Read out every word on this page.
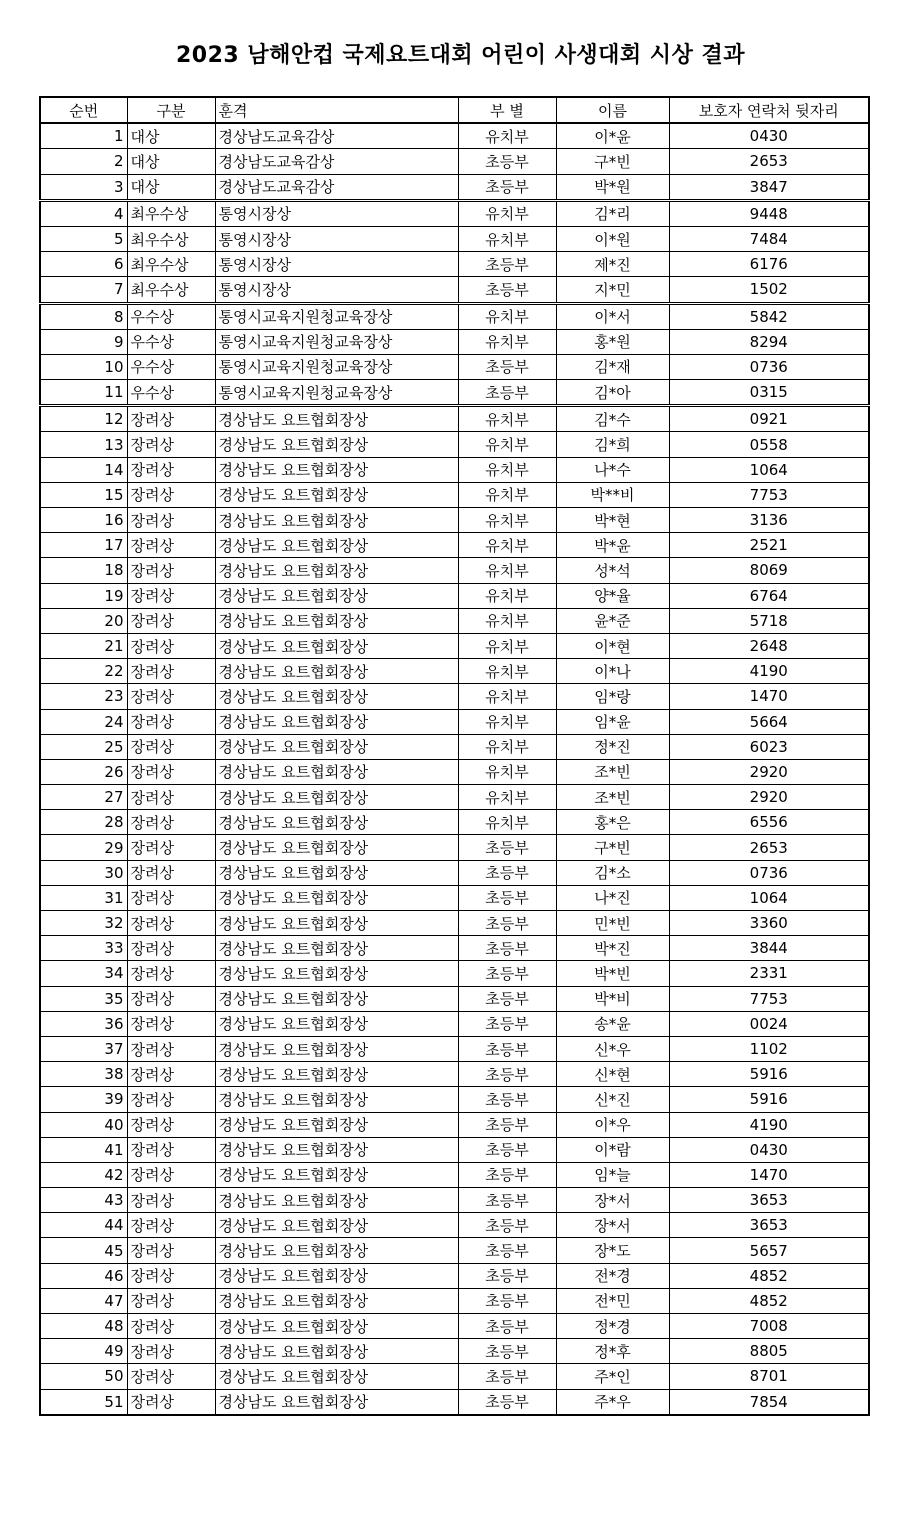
2023 남해안컵 국제요트대회 어린이 사생대회 시상 결과
순번	구분	훈격	부 별	이름	보호자 연락처 뒷자리
1	대상	경상남도교육감상	유치부	이*윤	0430
2	대상	경상남도교육감상	초등부	구*빈	2653
3	대상	경상남도교육감상	초등부	박*원	3847
4	최우수상	통영시장상	유치부	김*리	9448
5	최우수상	통영시장상	유치부	이*원	7484
6	최우수상	통영시장상	초등부	제*진	6176
7	최우수상	통영시장상	초등부	지*민	1502
8	우수상	통영시교육지원청교육장상	유치부	이*서	5842
9	우수상	통영시교육지원청교육장상	유치부	홍*원	8294
10	우수상	통영시교육지원청교육장상	초등부	김*재	0736
11	우수상	통영시교육지원청교육장상	초등부	김*아	0315
12	장려상	경상남도 요트협회장상	유치부	김*수	0921
13	장려상	경상남도 요트협회장상	유치부	김*희	0558
14	장려상	경상남도 요트협회장상	유치부	나*수	1064
15	장려상	경상남도 요트협회장상	유치부	박**비	7753
16	장려상	경상남도 요트협회장상	유치부	박*현	3136
17	장려상	경상남도 요트협회장상	유치부	박*윤	2521
18	장려상	경상남도 요트협회장상	유치부	성*석	8069
19	장려상	경상남도 요트협회장상	유치부	양*율	6764
20	장려상	경상남도 요트협회장상	유치부	윤*준	5718
21	장려상	경상남도 요트협회장상	유치부	이*현	2648
22	장려상	경상남도 요트협회장상	유치부	이*나	4190
23	장려상	경상남도 요트협회장상	유치부	임*랑	1470
24	장려상	경상남도 요트협회장상	유치부	임*윤	5664
25	장려상	경상남도 요트협회장상	유치부	정*진	6023
26	장려상	경상남도 요트협회장상	유치부	조*빈	2920
27	장려상	경상남도 요트협회장상	유치부	조*빈	2920
28	장려상	경상남도 요트협회장상	유치부	홍*은	6556
29	장려상	경상남도 요트협회장상	초등부	구*빈	2653
30	장려상	경상남도 요트협회장상	초등부	김*소	0736
31	장려상	경상남도 요트협회장상	초등부	나*진	1064
32	장려상	경상남도 요트협회장상	초등부	민*빈	3360
33	장려상	경상남도 요트협회장상	초등부	박*진	3844
34	장려상	경상남도 요트협회장상	초등부	박*빈	2331
35	장려상	경상남도 요트협회장상	초등부	박*비	7753
36	장려상	경상남도 요트협회장상	초등부	송*윤	0024
37	장려상	경상남도 요트협회장상	초등부	신*우	1102
38	장려상	경상남도 요트협회장상	초등부	신*현	5916
39	장려상	경상남도 요트협회장상	초등부	신*진	5916
40	장려상	경상남도 요트협회장상	초등부	이*우	4190
41	장려상	경상남도 요트협회장상	초등부	이*람	0430
42	장려상	경상남도 요트협회장상	초등부	임*늘	1470
43	장려상	경상남도 요트협회장상	초등부	장*서	3653
44	장려상	경상남도 요트협회장상	초등부	장*서	3653
45	장려상	경상남도 요트협회장상	초등부	장*도	5657
46	장려상	경상남도 요트협회장상	초등부	전*경	4852
47	장려상	경상남도 요트협회장상	초등부	전*민	4852
48	장려상	경상남도 요트협회장상	초등부	정*경	7008
49	장려상	경상남도 요트협회장상	초등부	정*후	8805
50	장려상	경상남도 요트협회장상	초등부	주*인	8701
51	장려상	경상남도 요트협회장상	초등부	주*우	7854
